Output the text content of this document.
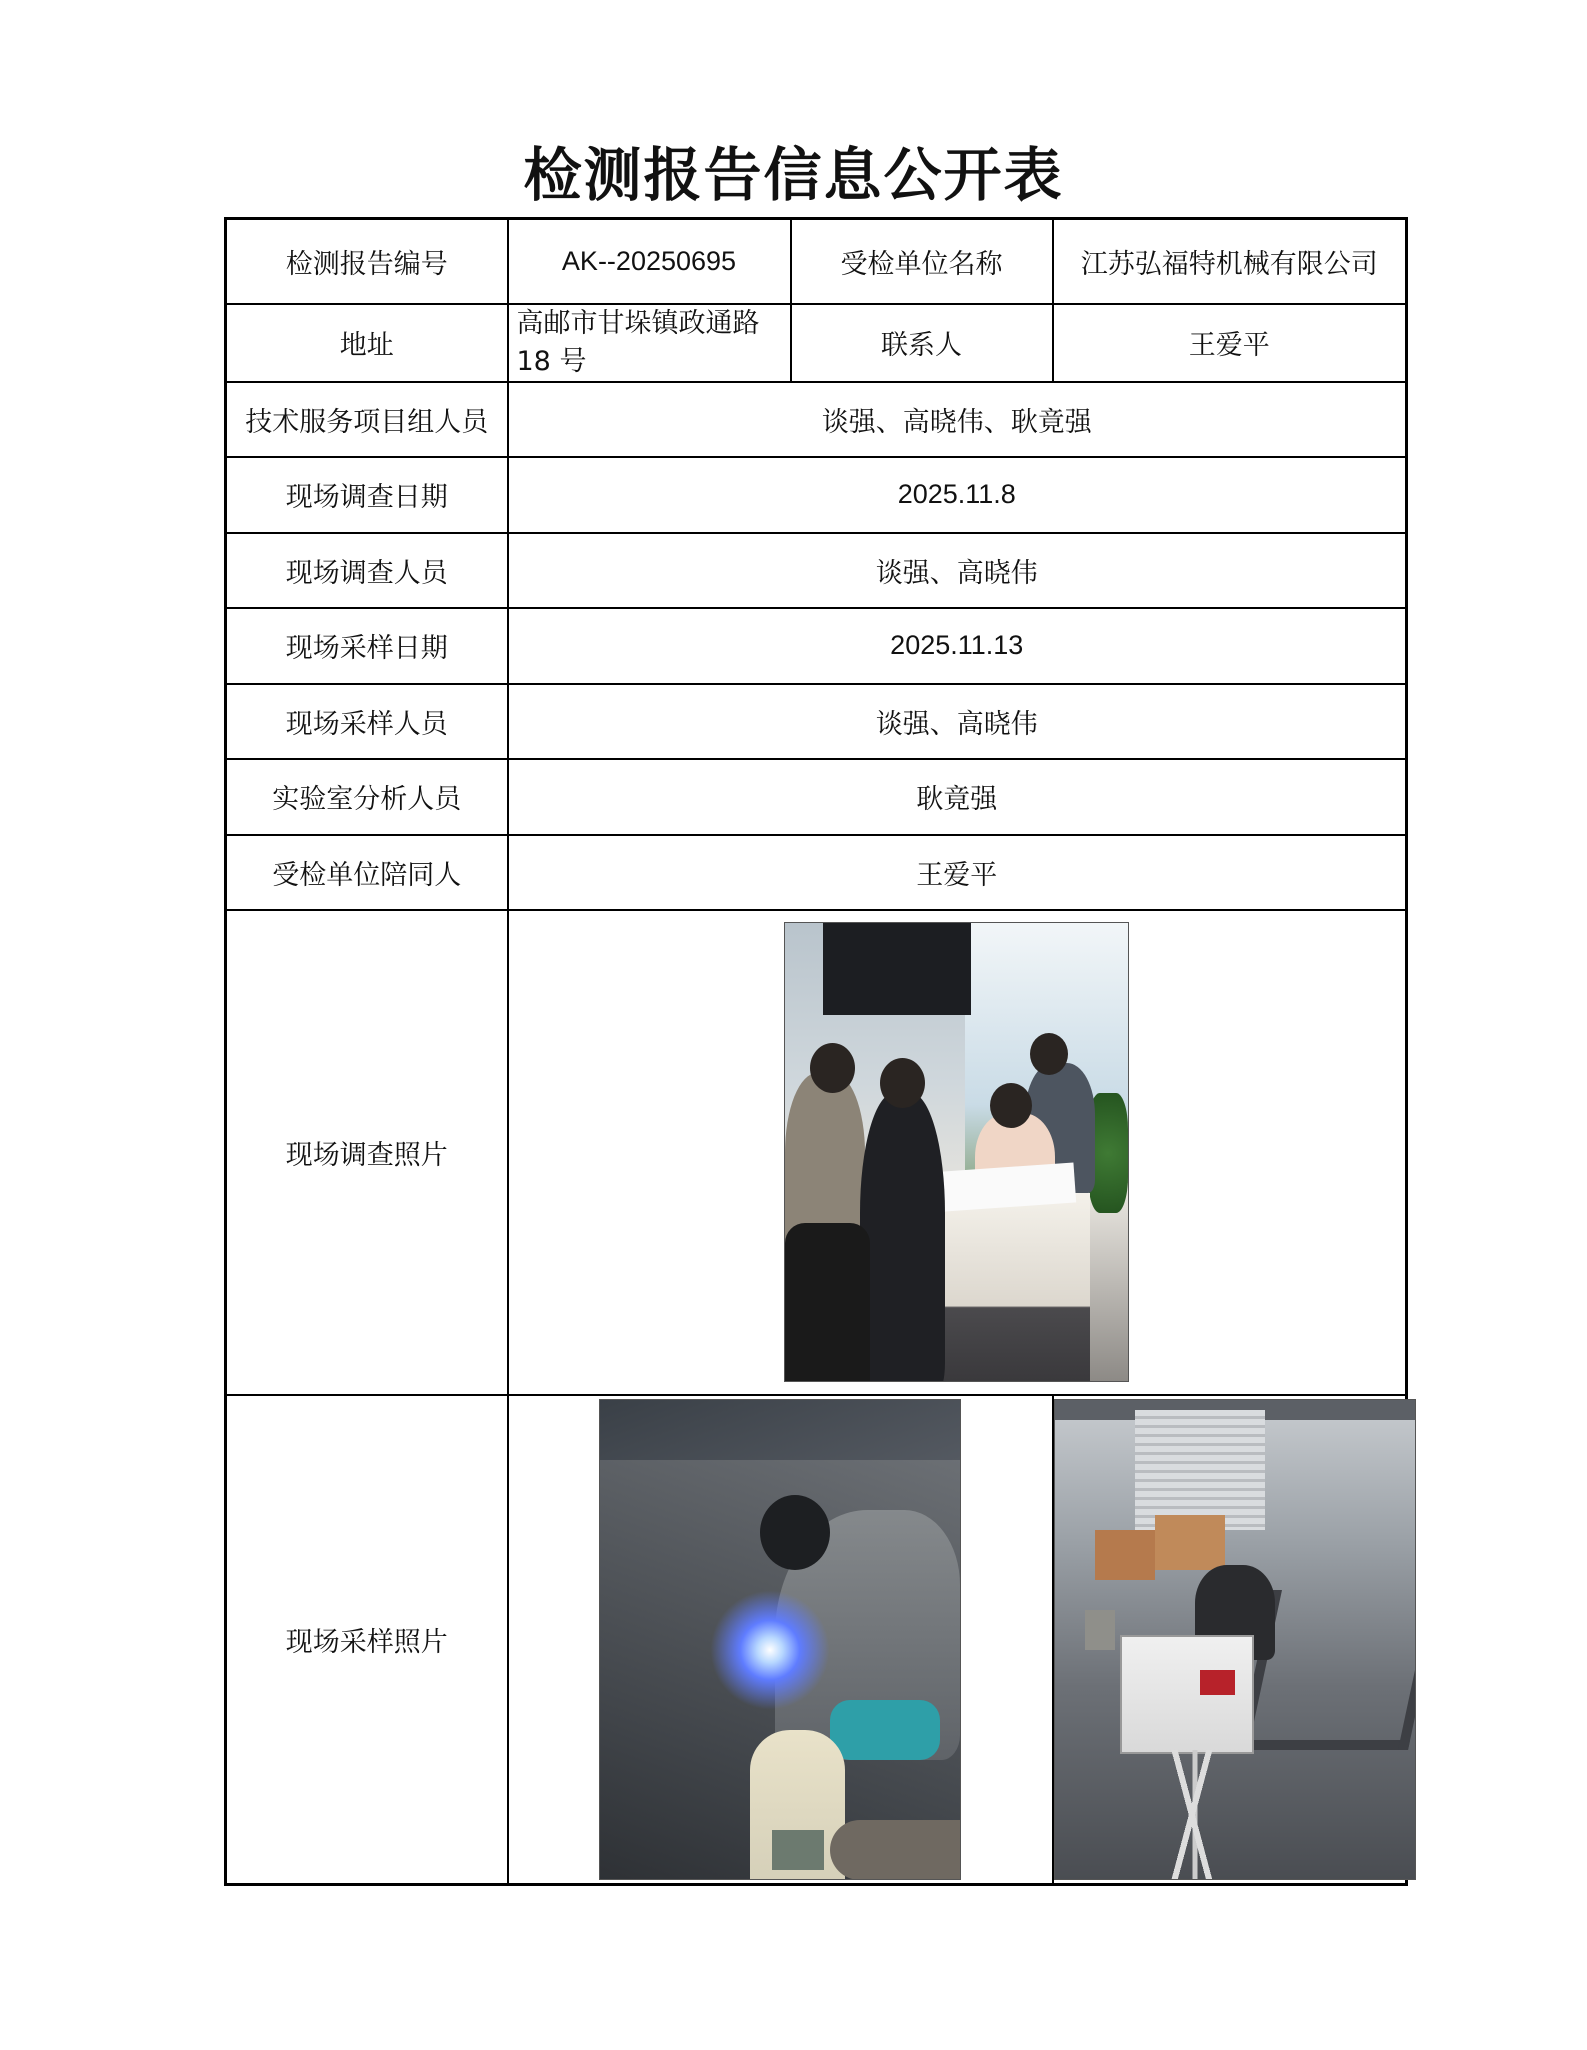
检测报告信息公开表
检测报告编号	AK--20250695	受检单位名称	江苏弘福特机械有限公司
地址	高邮市甘垛镇政通路18 号	联系人	王爱平
技术服务项目组人员	谈强、高晓伟、耿竟强		
现场调查日期	2025.11.8		
现场调查人员	谈强、高晓伟		
现场采样日期	2025.11.13		
现场采样人员	谈强、高晓伟		
实验室分析人员	耿竟强		
受检单位陪同人	王爱平		
现场调查照片			

现场采样照片		
